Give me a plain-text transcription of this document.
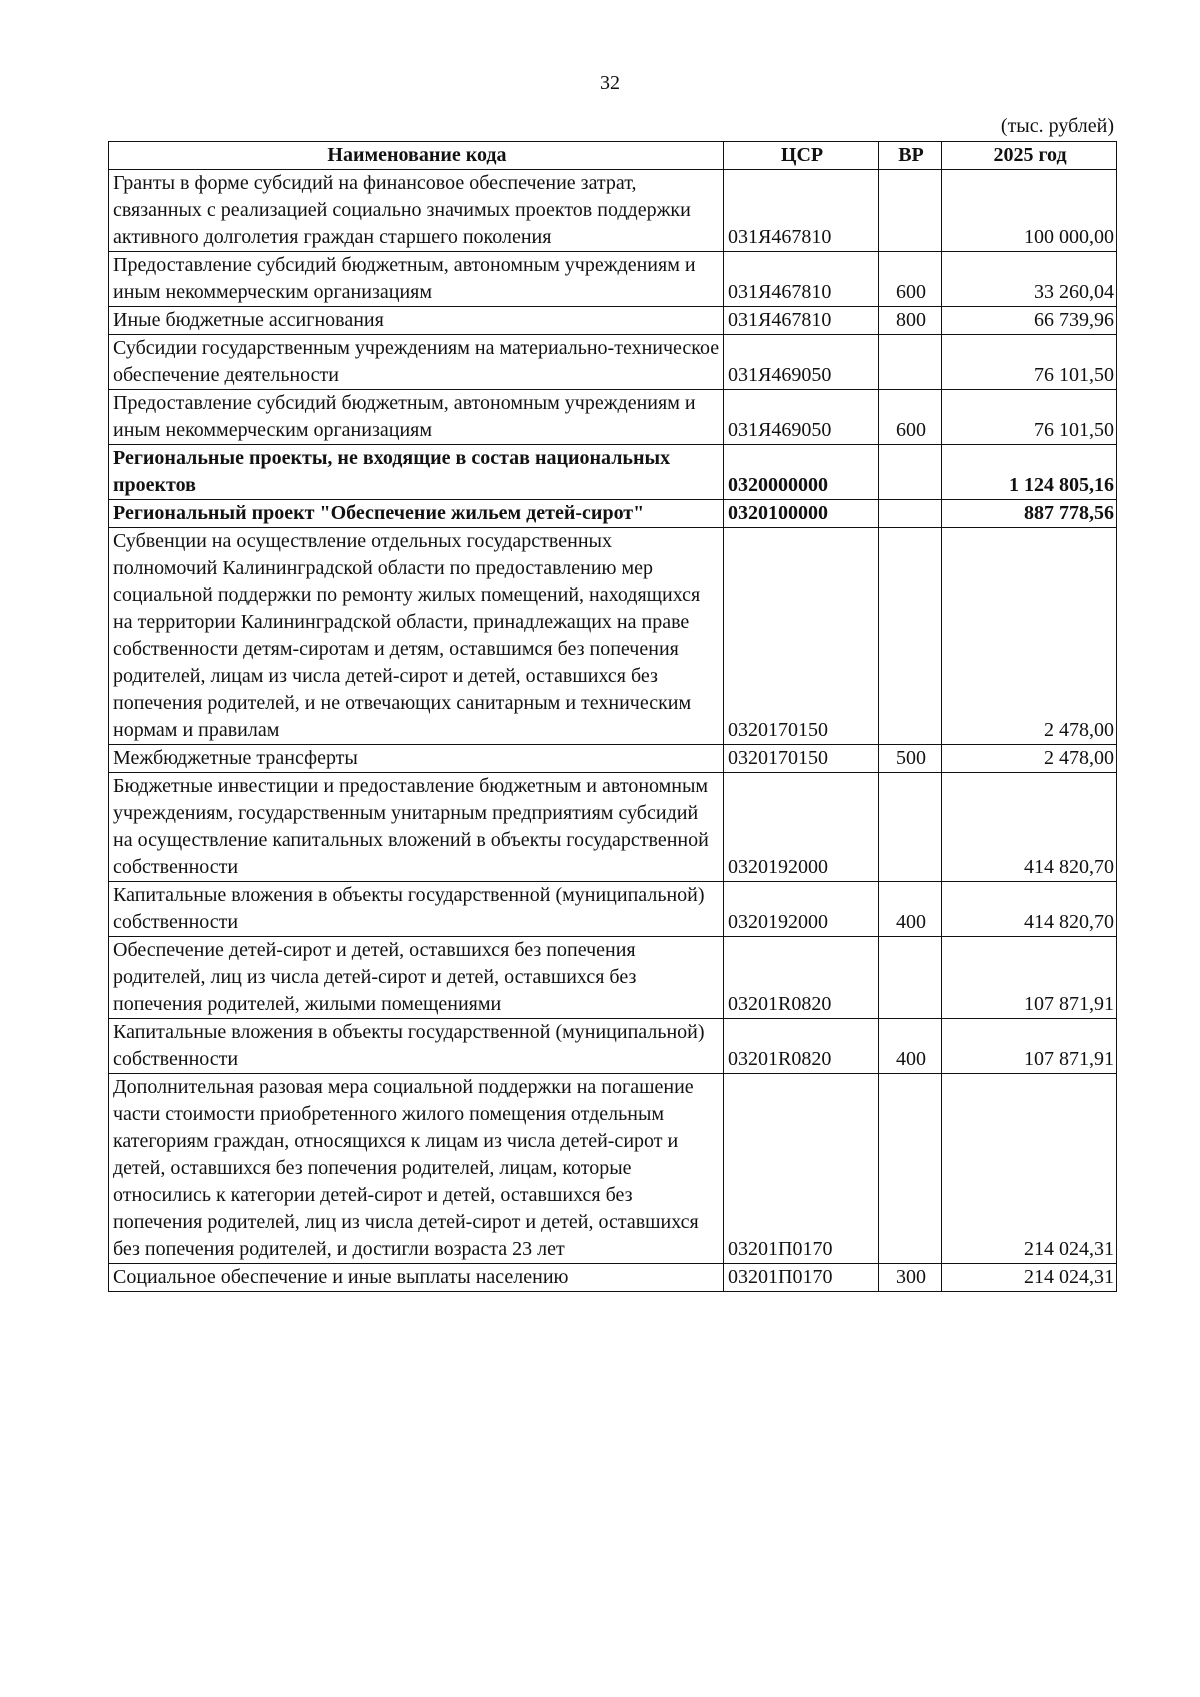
32
(тыс. рублей)
Наименование кода	ЦСР	ВР	2025 год
Гранты в форме субсидий на финансовое обеспечение затрат, связанных с реализацией социально значимых проектов поддержки активного долголетия граждан старшего поколения	031Я467810		100 000,00
Предоставление субсидий бюджетным, автономным учреждениям и иным некоммерческим организациям	031Я467810	600	33 260,04
Иные бюджетные ассигнования	031Я467810	800	66 739,96
Субсидии государственным учреждениям на материально-техническое обеспечение деятельности	031Я469050		76 101,50
Предоставление субсидий бюджетным, автономным учреждениям и иным некоммерческим организациям	031Я469050	600	76 101,50
Региональные проекты, не входящие в состав национальных проектов	0320000000		1 124 805,16
Региональный проект "Обеспечение жильем детей-сирот"	0320100000		887 778,56
Субвенции на осуществление отдельных государственных полномочий Калининградской области по предоставлению мер социальной поддержки по ремонту жилых помещений, находящихся на территории Калининградской области, принадлежащих на праве собственности детям-сиротам и детям, оставшимся без попечения родителей, лицам из числа детей-сирот и детей, оставшихся без попечения родителей, и не отвечающих санитарным и техническим нормам и правилам	0320170150		2 478,00
Межбюджетные трансферты	0320170150	500	2 478,00
Бюджетные инвестиции и предоставление бюджетным и автономным учреждениям, государственным унитарным предприятиям субсидий на осуществление капитальных вложений в объекты государственной собственности	0320192000		414 820,70
Капитальные вложения в объекты государственной (муниципальной) собственности	0320192000	400	414 820,70
Обеспечение детей-сирот и детей, оставшихся без попечения родителей, лиц из числа детей-сирот и детей, оставшихся без попечения родителей, жилыми помещениями	03201R0820		107 871,91
Капитальные вложения в объекты государственной (муниципальной) собственности	03201R0820	400	107 871,91
Дополнительная разовая мера социальной поддержки на погашение части стоимости приобретенного жилого помещения отдельным категориям граждан, относящихся к лицам из числа детей-сирот и детей, оставшихся без попечения родителей, лицам, которые относились к категории детей-сирот и детей, оставшихся без попечения родителей, лиц из числа детей-сирот и детей, оставшихся без попечения родителей, и достигли возраста 23 лет	03201П0170		214 024,31
Социальное обеспечение и иные выплаты населению	03201П0170	300	214 024,31
